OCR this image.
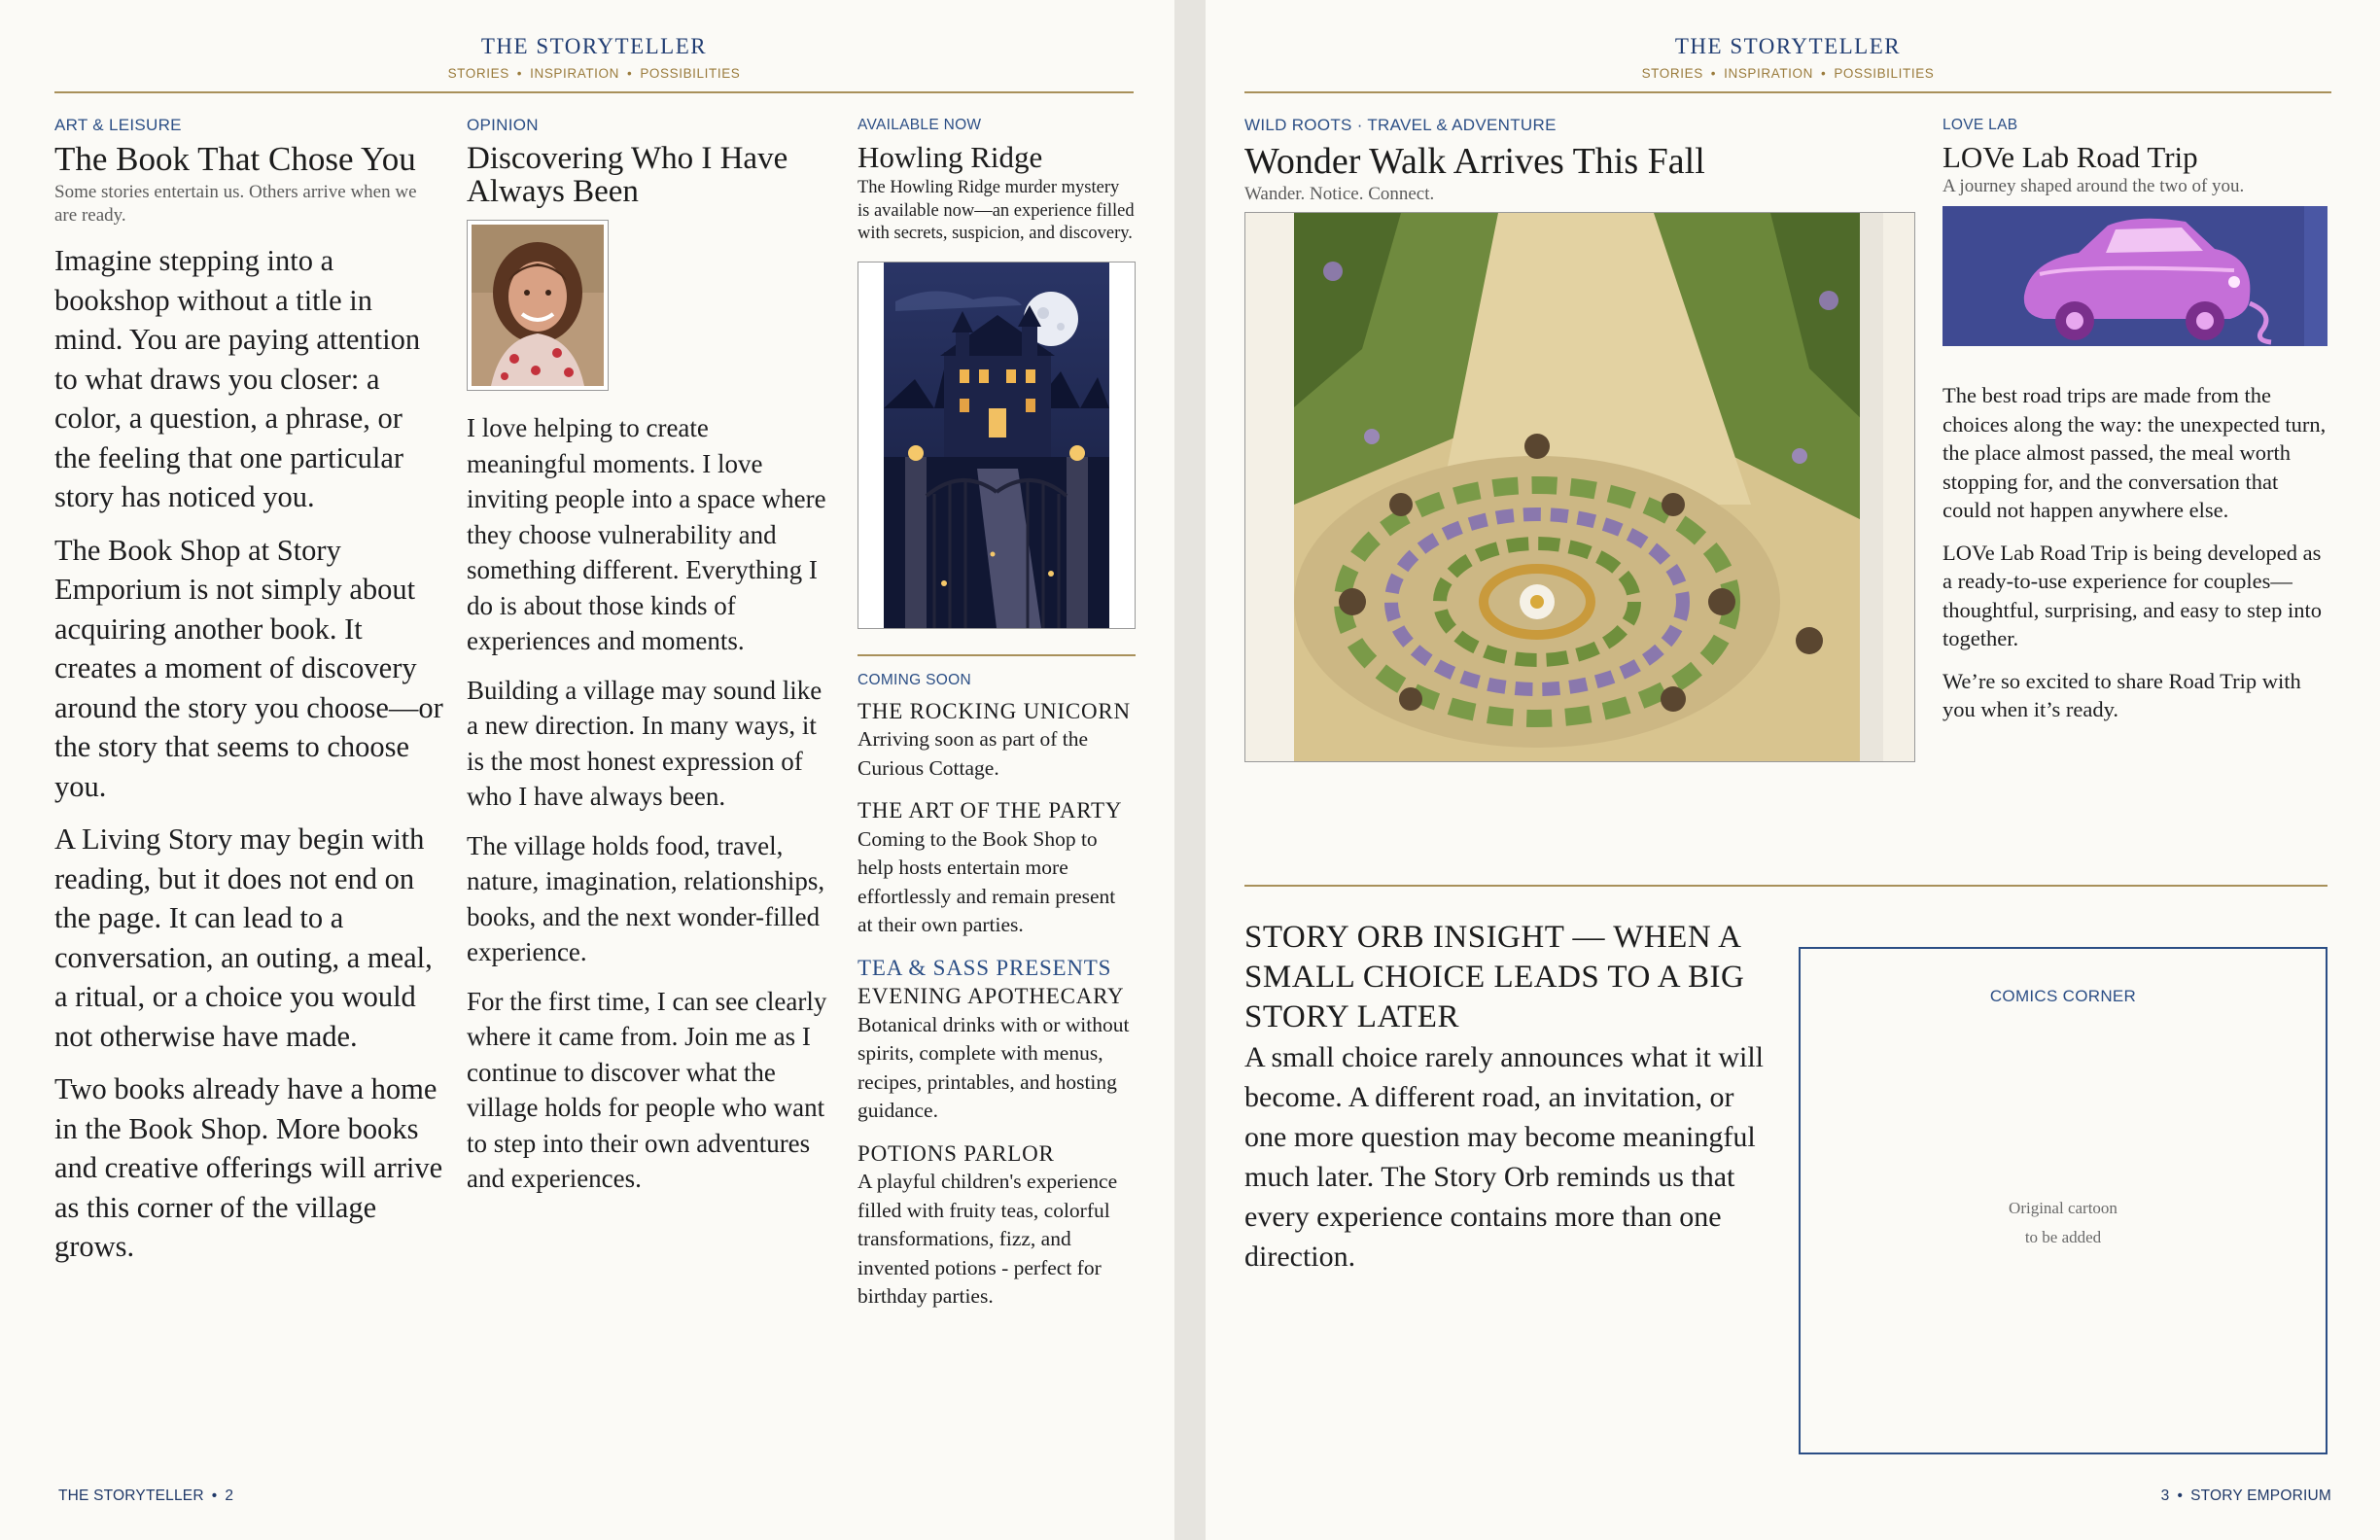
THE STORYTELLER
STORIES • INSPIRATION • POSSIBILITIES
ART & LEISURE
The Book That Chose You

Some stories entertain us. Others arrive when we are ready.

Imagine stepping into a bookshop without a title in mind. You are paying attention to what draws you closer: a color, a question, a phrase, or the feeling that one particular story has noticed you.

The Book Shop at Story Emporium is not simply about acquiring another book. It creates a moment of discovery around the story you choose—or the story that seems to choose you.

A Living Story may begin with reading, but it does not end on the page. It can lead to a conversation, an outing, a meal, a ritual, or a choice you would not otherwise have made.

Two books already have a home in the Book Shop. More books and creative offerings will arrive as this corner of the village grows.

OPINION
Discovering Who I Have Always Been

I love helping to create meaningful moments. I love inviting people into a space where they choose vulnerability and something different. Everything I do is about those kinds of experiences and moments.

Building a village may sound like a new direction. In many ways, it is the most honest expression of who I have always been.

The village holds food, travel, nature, imagination, relationships, books, and the next wonder-filled experience.

For the first time, I can see clearly where it came from. Join me as I continue to discover what the village holds for people who want to step into their own adventures and experiences.

AVAILABLE NOW
Howling Ridge

The Howling Ridge murder mystery is available now—an experience filled with secrets, suspicion, and discovery.

COMING SOON

THE ROCKING UNICORN

Arriving soon as part of the Curious Cottage.

THE ART OF THE PARTY

Coming to the Book Shop to help hosts entertain more effortlessly and remain present at their own parties.

TEA & SASS PRESENTS

EVENING APOTHECARY

Botanical drinks with or without spirits, complete with menus, recipes, printables, and hosting guidance.

POTIONS PARLOR

A playful children's experience filled with fruity teas, colorful transformations, fizz, and invented potions - perfect for birthday parties.

THE STORYTELLER • 2
THE STORYTELLER
STORIES • INSPIRATION • POSSIBILITIES
WILD ROOTS · TRAVEL & ADVENTURE
Wonder Walk Arrives This Fall

Wander. Notice. Connect.

LOVE LAB
LOVe Lab Road Trip

A journey shaped around the two of you.

The best road trips are made from the choices along the way: the unexpected turn, the place almost passed, the meal worth stopping for, and the conversation that could not happen anywhere else.

LOVe Lab Road Trip is being developed as a ready-to-use experience for couples—thoughtful, surprising, and easy to step into together.

We’re so excited to share Road Trip with you when it’s ready.

STORY ORB INSIGHT — WHEN A SMALL CHOICE LEADS TO A BIG STORY LATER

A small choice rarely announces what it will become. A different road, an invitation, or one more question may become meaningful much later. The Story Orb reminds us that every experience contains more than one direction.

COMICS CORNER
Original cartoon
to be added
3 • STORY EMPORIUM
